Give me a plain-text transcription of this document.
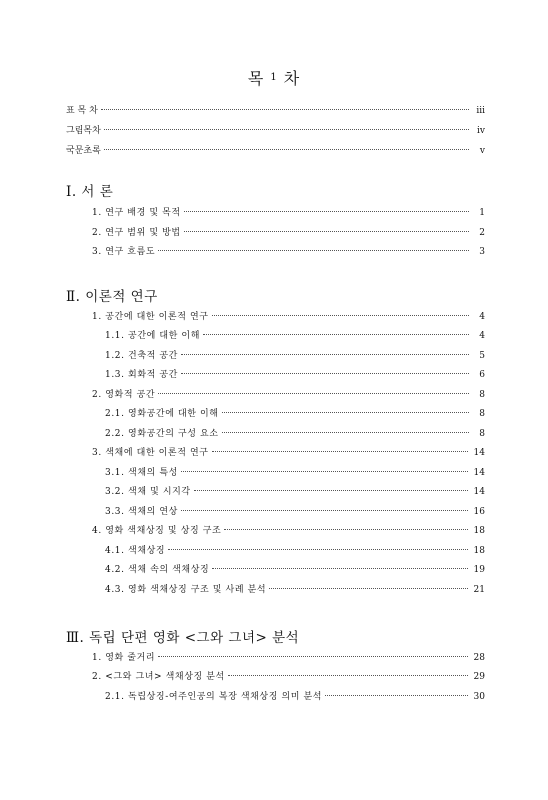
목 $^1$ 차
표 목 차	iii
그림목차	iv
국문초록	v
Ⅰ. 서 론
1. 연구 배경 및 목적	1
2. 연구 범위 및 방법	2
3. 연구 흐름도	3
Ⅱ. 이론적 연구
1. 공간에 대한 이론적 연구	4
1.1. 공간에 대한 이해	4
1.2. 건축적 공간	5
1.3. 회화적 공간	6
2. 영화적 공간	8
2.1. 영화공간에 대한 이해	8
2.2. 영화공간의 구성 요소	8
3. 색채에 대한 이론적 연구	14
3.1. 색채의 특성	14
3.2. 색채 및 시지각	14
3.3. 색채의 연상	16
4. 영화 색채상징 및 상징 구조	18
4.1. 색채상징	18
4.2. 색채 속의 색채상징	19
4.3. 영화 색채상징 구조 및 사례 분석	21
Ⅲ. 독립 단편 영화 <그와 그녀> 분석
1. 영화 줄거리	28
2. <그와 그녀> 색채상징 분석	29
2.1. 독립상징-여주인공의 복장 색채상징 의미 분석	30
